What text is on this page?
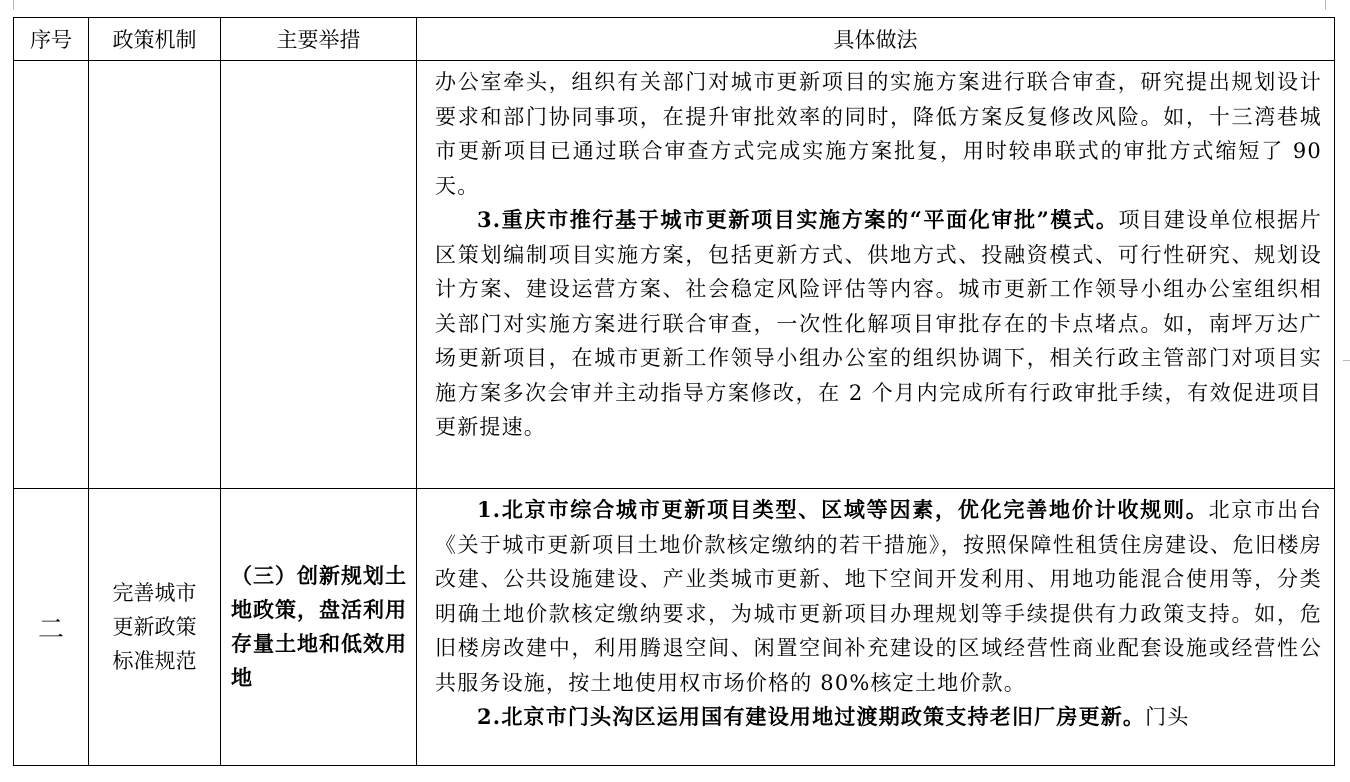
序号	政策机制	主要举措	具体做法

			办公室牵头，组织有关部门对城市更新项目的实施方案进行联合审查，研究提出规划设计要求和部门协同事项，在提升审批效率的同时，降低方案反复修改风险。如，十三湾巷城市更新项目已通过联合审查方式完成实施方案批复，用时较串联式的审批方式缩短了 90 天。

3.重庆市推行基于城市更新项目实施方案的“平面化审批”模式。项目建设单位根据片区策划编制项目实施方案，包括更新方式、供地方式、投融资模式、可行性研究、规划设计方案、建设运营方案、社会稳定风险评估等内容。城市更新工作领导小组办公室组织相关部门对实施方案进行联合审查，一次性化解项目审批存在的卡点堵点。如，南坪万达广场更新项目，在城市更新工作领导小组办公室的组织协调下，相关行政主管部门对项目实施方案多次会审并主动指导方案修改，在 2 个月内完成所有行政审批手续，有效促进项目更新提速。

二	完善城市更新政策标准规范	（三）创新规划土地政策，盘活利用存量土地和低效用地	1.北京市综合城市更新项目类型、区域等因素，优化完善地价计收规则。北京市出台《关于城市更新项目土地价款核定缴纳的若干措施》，按照保障性租赁住房建设、危旧楼房改建、公共设施建设、产业类城市更新、地下空间开发利用、用地功能混合使用等，分类明确土地价款核定缴纳要求，为城市更新项目办理规划等手续提供有力政策支持。如，危旧楼房改建中，利用腾退空间、闲置空间补充建设的区域经营性商业配套设施或经营性公共服务设施，按土地使用权市场价格的 80%核定土地价款。

2.北京市门头沟区运用国有建设用地过渡期政策支持老旧厂房更新。门头
